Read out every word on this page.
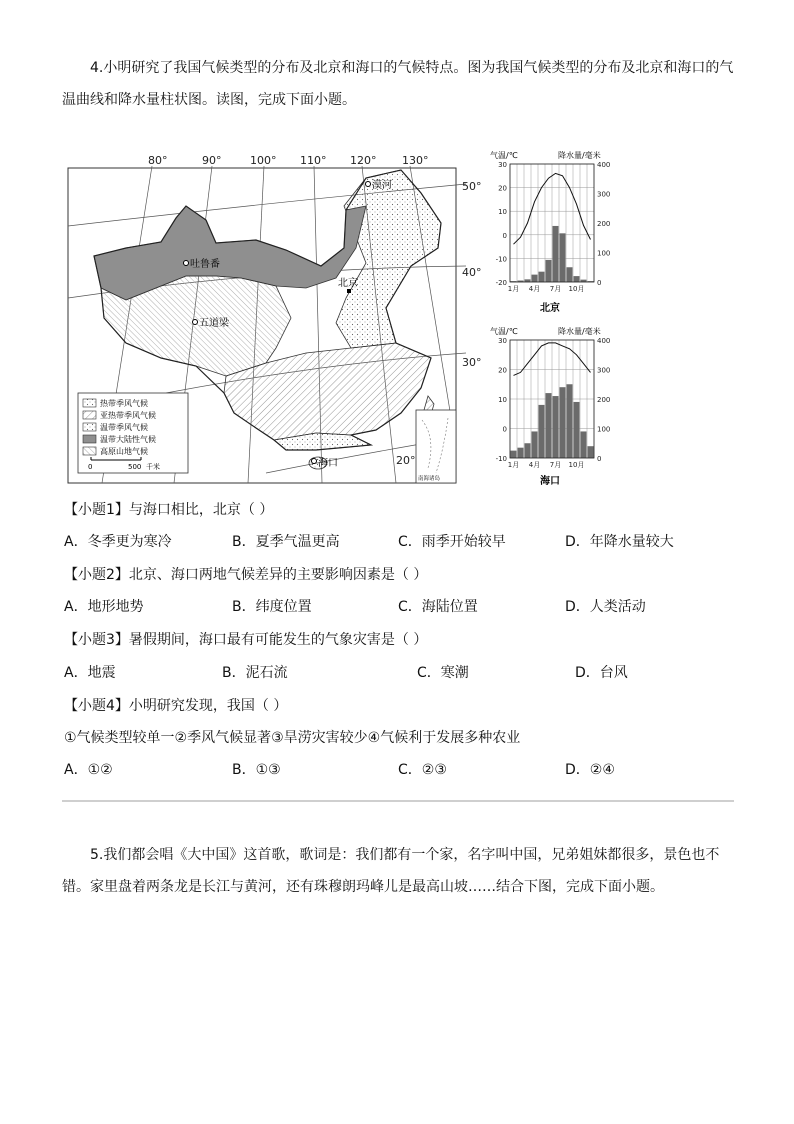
4.小明研究了我国气候类型的分布及北京和海口的气候特点。图为我国气候类型的分布及北京和海口的气
温曲线和降水量柱状图。读图，完成下面小题。
80°	90°	100° 110° 120° 130°
50°
40°
30°
20°
吐鲁番
五道梁
北京
漠河
海口
热带季风气候
亚热带季风气候
温带季风气候
温带大陆性气候
高原山地气候
0	500 千米
南海诸岛
气温/℃	降水量/毫米
北京
-20
-10
0
10
20
30
0
100
200
300
400
1月 4月 7月 10月
气温/℃	降水量/毫米
海口
-10
0
10
20
30
0
100
200
300
400
1月 4月 7月 10月
【小题1】与海口相比，北京（ ）
A．冬季更为寒冷	B．夏季气温更高	C．雨季开始较早	D．年降水量较大
【小题2】北京、海口两地气候差异的主要影响因素是（ ）
A．地形地势	B．纬度位置	C．海陆位置	D．人类活动
【小题3】暑假期间，海口最有可能发生的气象灾害是（ ）
A．地震	B．泥石流	C．寒潮	D．台风
【小题4】小明研究发现，我国（ ）
①气候类型较单一②季风气候显著③旱涝灾害较少④气候利于发展多种农业
A．①②	B．①③	C．②③	D．②④
5.我们都会唱《大中国》这首歌，歌词是：我们都有一个家，名字叫中国，兄弟姐妹都很多，景色也不
错。家里盘着两条龙是长江与黄河，还有珠穆朗玛峰儿是最高山坡……结合下图，完成下面小题。
